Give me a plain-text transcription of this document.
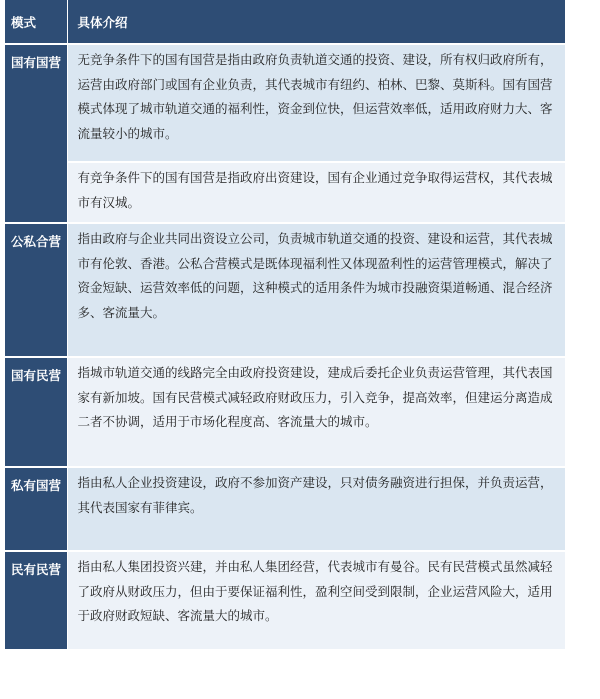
模式	具体介绍
国有国营	无竞争条件下的国有国营是指由政府负责轨道交通的投资、建设，所有权归政府所有，运营由政府部门或国有企业负责，其代表城市有纽约、柏林、巴黎、莫斯科。国有国营模式体现了城市轨道交通的福利性，资金到位快，但运营效率低，适用政府财力大、客流量较小的城市。
	有竞争条件下的国有国营是指政府出资建设，国有企业通过竞争取得运营权，其代表城市有汉城。
公私合营	指由政府与企业共同出资设立公司，负责城市轨道交通的投资、建设和运营，其代表城市有伦敦、香港。公私合营模式是既体现福利性又体现盈利性的运营管理模式，解决了资金短缺、运营效率低的问题，这种模式的适用条件为城市投融资渠道畅通、混合经济多、客流量大。
国有民营	指城市轨道交通的线路完全由政府投资建设，建成后委托企业负责运营管理，其代表国家有新加坡。国有民营模式减轻政府财政压力，引入竞争，提高效率，但建运分离造成二者不协调，适用于市场化程度高、客流量大的城市。
私有国营	指由私人企业投资建设，政府不参加资产建设，只对债务融资进行担保，并负责运营，其代表国家有菲律宾。
民有民营	指由私人集团投资兴建，并由私人集团经营，代表城市有曼谷。民有民营模式虽然减轻了政府从财政压力，但由于要保证福利性，盈利空间受到限制，企业运营风险大，适用于政府财政短缺、客流量大的城市。
